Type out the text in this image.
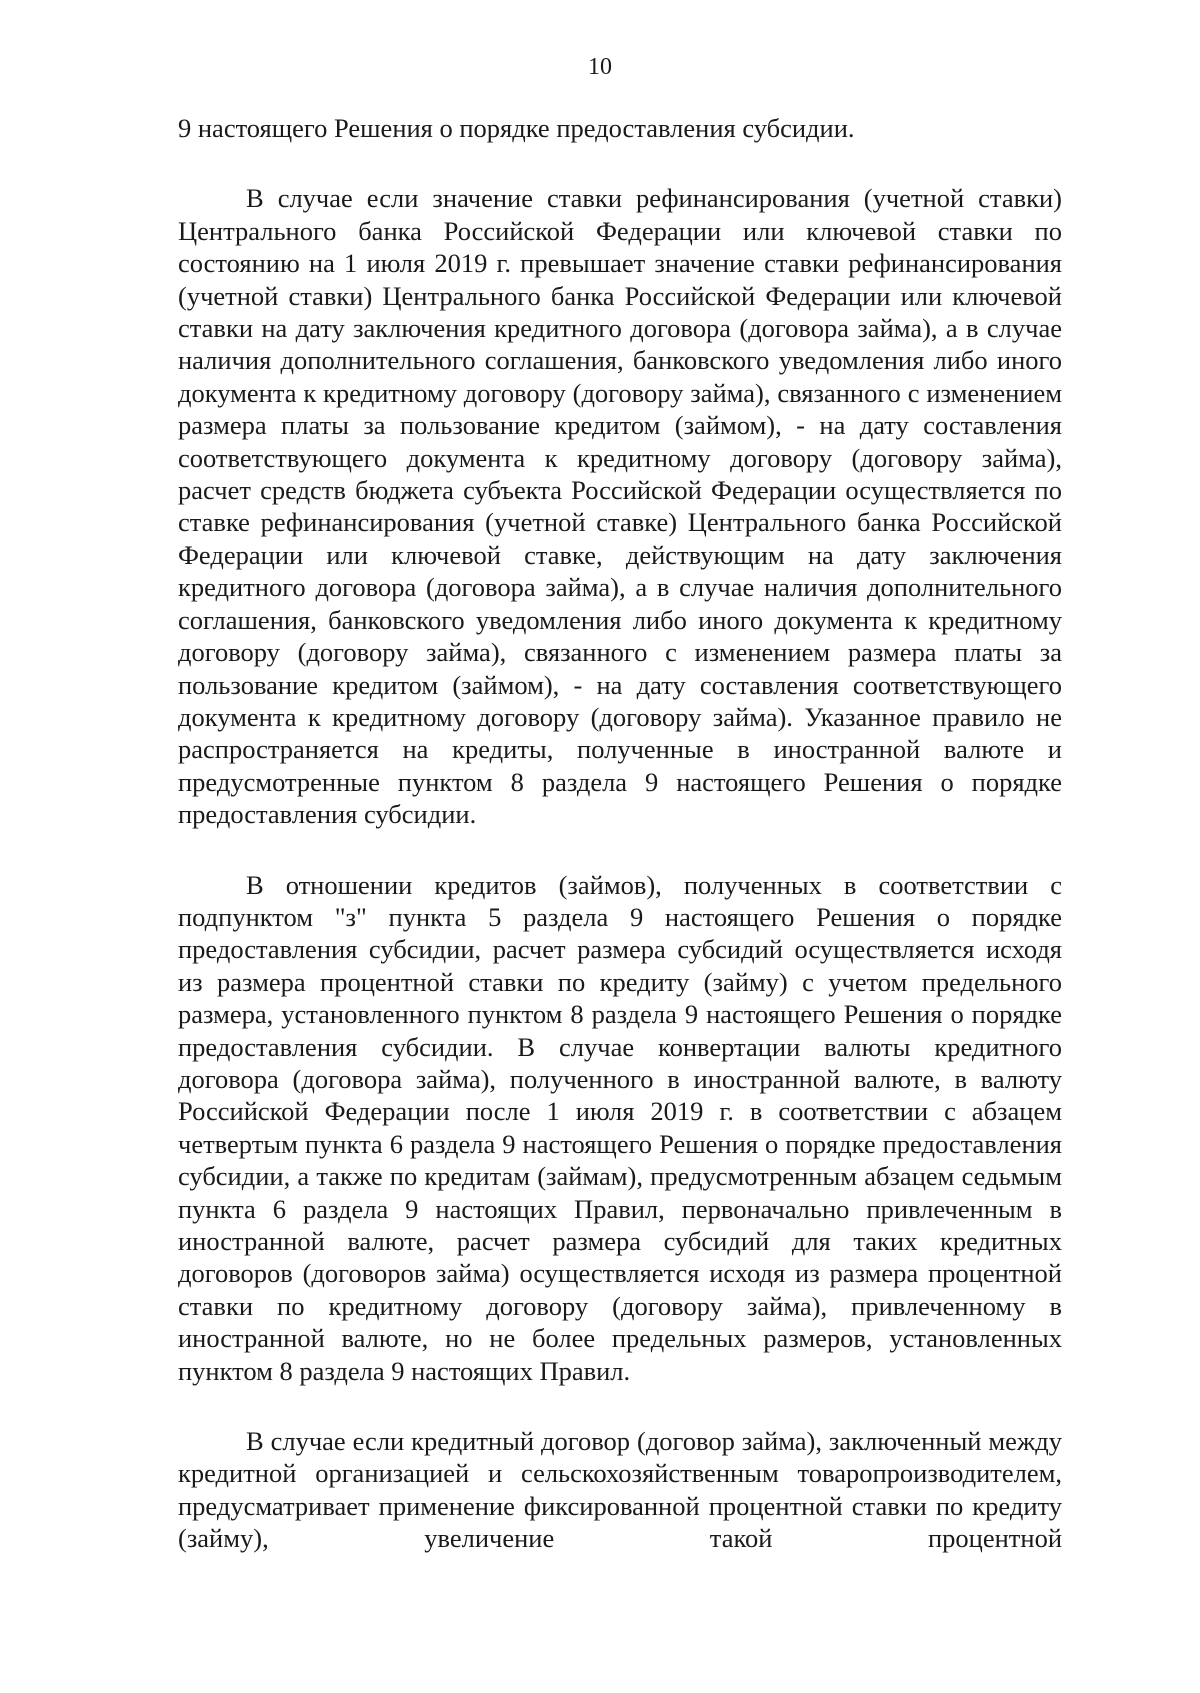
10

9 настоящего Решения о порядке предоставления субсидии.

В случае если значение ставки рефинансирования (учетной ставки) Центрального банка Российской Федерации или ключевой ставки по состоянию на 1 июля 2019 г. превышает значение ставки рефинансирования (учетной ставки) Центрального банка Российской Федерации или ключевой ставки на дату заключения кредитного договора (договора займа), а в случае наличия дополнительного соглашения, банковского уведомления либо иного документа к кредитному договору (договору займа), связанного с изменением размера платы за пользование кредитом (займом), - на дату составления соответствующего документа к кредитному договору (договору займа), расчет средств бюджета субъекта Российской Федерации осуществляется по ставке рефинансирования (учетной ставке) Центрального банка Российской Федерации или ключевой ставке, действующим на дату заключения кредитного договора (договора займа), а в случае наличия дополнительного соглашения, банковского уведомления либо иного документа к кредитному договору (договору займа), связанного с изменением размера платы за пользование кредитом (займом), - на дату составления соответствующего документа к кредитному договору (договору займа). Указанное правило не распространяется на кредиты, полученные в иностранной валюте и предусмотренные пунктом 8 раздела 9 настоящего Решения о порядке предоставления субсидии.

В отношении кредитов (займов), полученных в соответствии с подпунктом "з" пункта 5 раздела 9 настоящего Решения о порядке предоставления субсидии, расчет размера субсидий осуществляется исходя из размера процентной ставки по кредиту (займу) с учетом предельного размера, установленного пунктом 8 раздела 9 настоящего Решения о порядке предоставления субсидии. В случае конвертации валюты кредитного договора (договора займа), полученного в иностранной валюте, в валюту Российской Федерации после 1 июля 2019 г. в соответствии с абзацем четвертым пункта 6 раздела 9 настоящего Решения о порядке предоставления субсидии, а также по кредитам (займам), предусмотренным абзацем седьмым пункта 6 раздела 9 настоящих Правил, первоначально привлеченным в иностранной валюте, расчет размера субсидий для таких кредитных договоров (договоров займа) осуществляется исходя из размера процентной ставки по кредитному договору (договору займа), привлеченному в иностранной валюте, но не более предельных размеров, установленных пунктом 8 раздела 9 настоящих Правил.

В случае если кредитный договор (договор займа), заключенный между кредитной организацией и сельскохозяйственным товаропроизводителем, предусматривает применение фиксированной процентной ставки по кредиту (займу), увеличение такой процентной
